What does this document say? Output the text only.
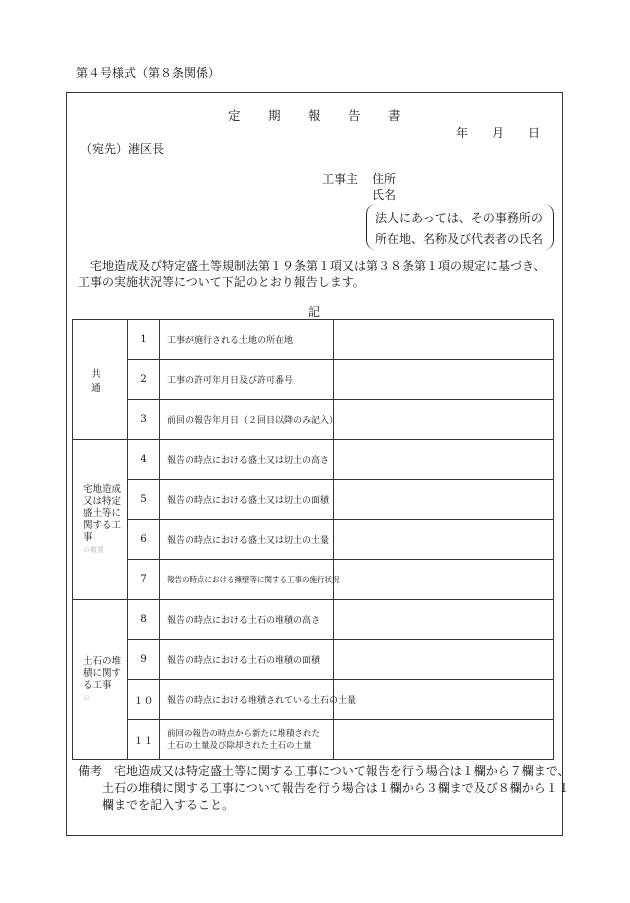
第４号様式（第８条関係）
定 期 報 告 書
年 月 日
（宛先）港区長
工事主 住所
氏名
法人にあっては、その事務所の
所在地、名称及び代表者の氏名
宅地造成及び特定盛土等規制法第１９条第１項又は第３８条第１項の規定に基づき、工事の実施状況等について下記のとおり報告します。
記
共　　通	1	工事が施行される土地の所在地	
	2	工事の許可年月日及び許可番号	
	3	前回の報告年月日（２回目以降のみ記入）	
宅地造成又は特定盛土等に関する工事の概要	4	報告の時点における盛土又は切土の高さ	
	5	報告の時点における盛土又は切土の面積	
	6	報告の時点における盛土又は切土の土量	
	7	報告の時点における擁壁等に関する工事の施行状況	
土石の堆積に関する工事の	8	報告の時点における土石の堆積の高さ	
	9	報告の時点における土石の堆積の面積	
	１０	報告の時点における堆積されている土石の土量	
	１１	前回の報告の時点から新たに堆積された
土石の土量及び除却された土石の土量	

備考　宅地造成又は特定盛土等に関する工事について報告を行う場合は１欄から７欄まで、
土石の堆積に関する工事について報告を行う場合は１欄から３欄まで及び８欄から１１
欄までを記入すること。
